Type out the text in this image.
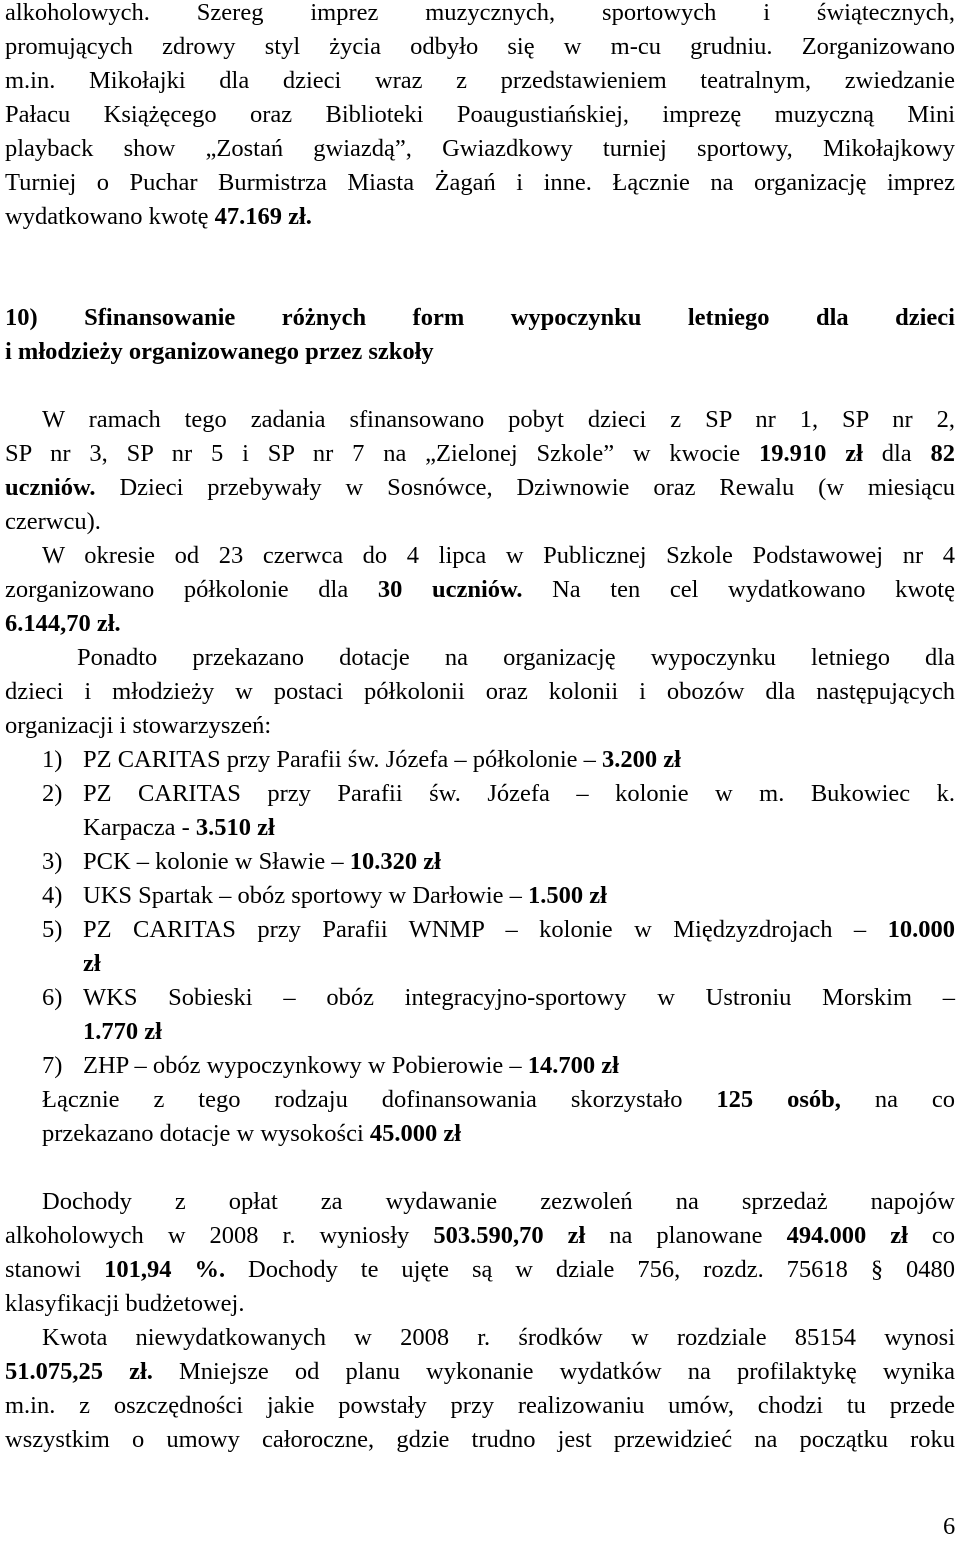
alkoholowych. Szereg imprez muzycznych, sportowych i świątecznych,
promujących zdrowy styl życia odbyło się w m-cu grudniu. Zorganizowano
m.in. Mikołajki dla dzieci wraz z przedstawieniem teatralnym, zwiedzanie
Pałacu Książęcego oraz Biblioteki Poaugustiańskiej, imprezę muzyczną Mini
playback show „Zostań gwiazdą”, Gwiazdkowy turniej sportowy, Mikołajkowy
Turniej o Puchar Burmistrza Miasta Żagań i inne. Łącznie na organizację imprez
wydatkowano kwotę 47.169 zł.
10) Sfinansowanie różnych form wypoczynku letniego dla dzieci
i młodzieży organizowanego przez szkoły
W ramach tego zadania sfinansowano pobyt dzieci z SP nr 1, SP nr 2,
SP nr 3, SP nr 5 i SP nr 7 na „Zielonej Szkole” w kwocie 19.910 zł dla 82
uczniów. Dzieci przebywały w Sosnówce, Dziwnowie oraz Rewalu (w miesiącu
czerwcu).
W okresie od 23 czerwca do 4 lipca w Publicznej Szkole Podstawowej nr 4
zorganizowano półkolonie dla 30 uczniów. Na ten cel wydatkowano kwotę
6.144,70 zł.
Ponadto przekazano dotacje na organizację wypoczynku letniego dla
dzieci i młodzieży w postaci półkolonii oraz kolonii i obozów dla następujących
organizacji i stowarzyszeń:
1) PZ CARITAS przy Parafii św. Józefa – półkolonie – 3.200 zł
2) PZ CARITAS przy Parafii św. Józefa – kolonie w m. Bukowiec k.
Karpacza - 3.510 zł
3) PCK – kolonie w Sławie – 10.320 zł
4) UKS Spartak – obóz sportowy w Darłowie – 1.500 zł
5) PZ CARITAS przy Parafii WNMP – kolonie w Międzyzdrojach – 10.000
zł
6) WKS Sobieski – obóz integracyjno-sportowy w Ustroniu Morskim –
1.770 zł
7) ZHP – obóz wypoczynkowy w Pobierowie – 14.700 zł
Łącznie z tego rodzaju dofinansowania skorzystało 125 osób, na co
przekazano dotacje w wysokości 45.000 zł
Dochody z opłat za wydawanie zezwoleń na sprzedaż napojów
alkoholowych w 2008 r. wyniosły 503.590,70 zł na planowane 494.000 zł co
stanowi 101,94 %. Dochody te ujęte są w dziale 756, rozdz. 75618 § 0480
klasyfikacji budżetowej.
Kwota niewydatkowanych w 2008 r. środków w rozdziale 85154 wynosi
51.075,25 zł. Mniejsze od planu wykonanie wydatków na profilaktykę wynika
m.in. z oszczędności jakie powstały przy realizowaniu umów, chodzi tu przede
wszystkim o umowy całoroczne, gdzie trudno jest przewidzieć na początku roku
6
